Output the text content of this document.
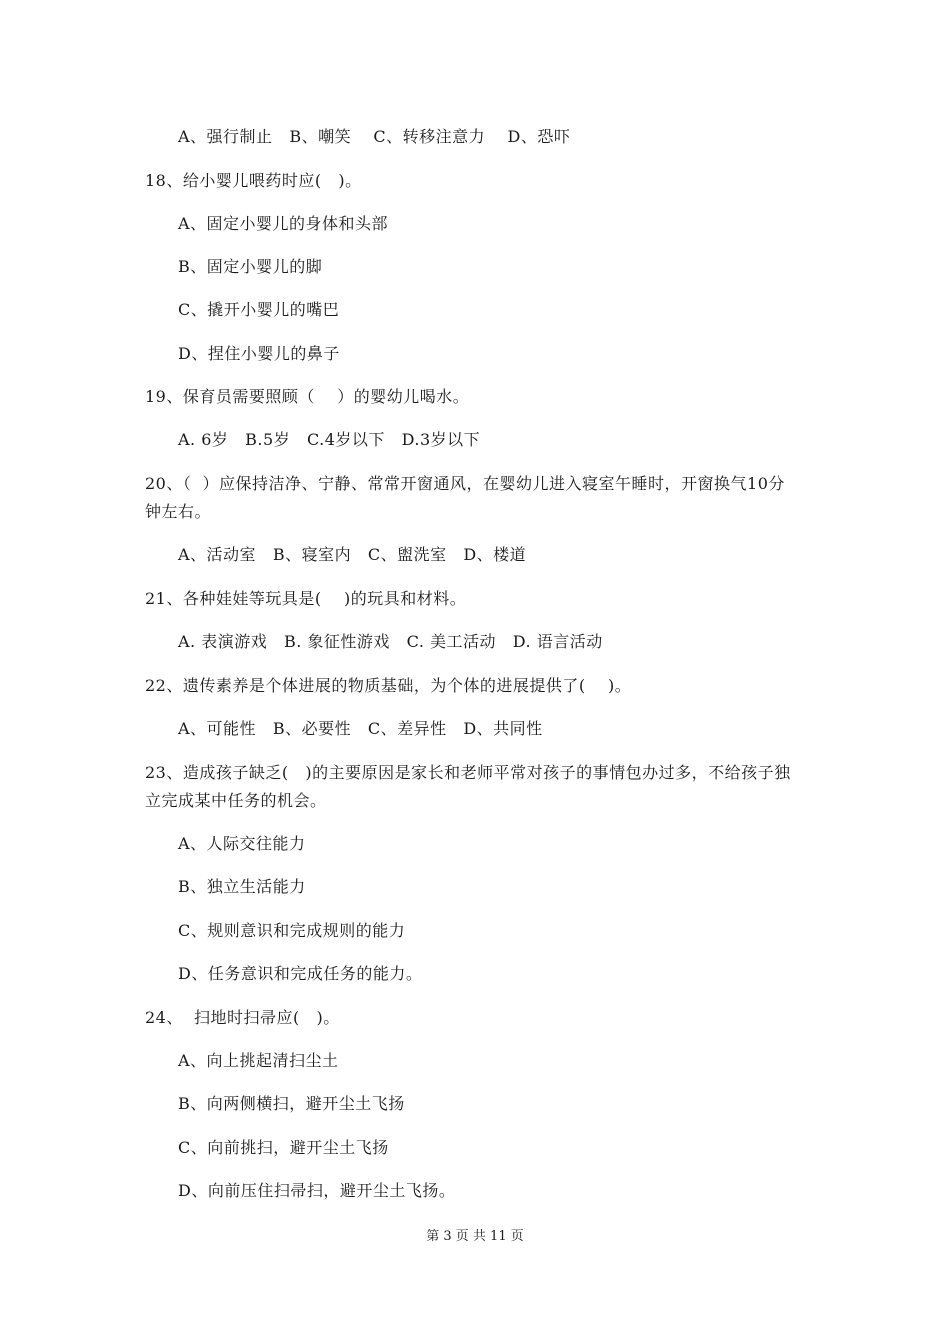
A、强行制止   B、嘲笑    C、转移注意力    D、恐吓
18、给小婴儿喂药时应(   )。
A、固定小婴儿的身体和头部
B、固定小婴儿的脚
C、撬开小婴儿的嘴巴
D、捏住小婴儿的鼻子
19、保育员需要照顾（    ）的婴幼儿喝水。
A. 6岁   B.5岁   C.4岁以下   D.3岁以下
20、（  ）应保持洁净、宁静、常常开窗通风，在婴幼儿进入寝室午睡时，开窗换气10分
钟左右。
A、活动室   B、寝室内   C、盥洗室   D、楼道
21、各种娃娃等玩具是(    )的玩具和材料。
A. 表演游戏   B. 象征性游戏   C. 美工活动   D. 语言活动
22、遗传素养是个体进展的物质基础，为个体的进展提供了(    )。
A、可能性   B、必要性   C、差异性   D、共同性
23、造成孩子缺乏(   )的主要原因是家长和老师平常对孩子的事情包办过多，不给孩子独
立完成某中任务的机会。
A、人际交往能力
B、独立生活能力
C、规则意识和完成规则的能力
D、任务意识和完成任务的能力。
24、  扫地时扫帚应(   )。
A、向上挑起清扫尘土
B、向两侧横扫，避开尘土飞扬
C、向前挑扫，避开尘土飞扬
D、向前压住扫帚扫，避开尘土飞扬。
第 3 页 共 11 页
